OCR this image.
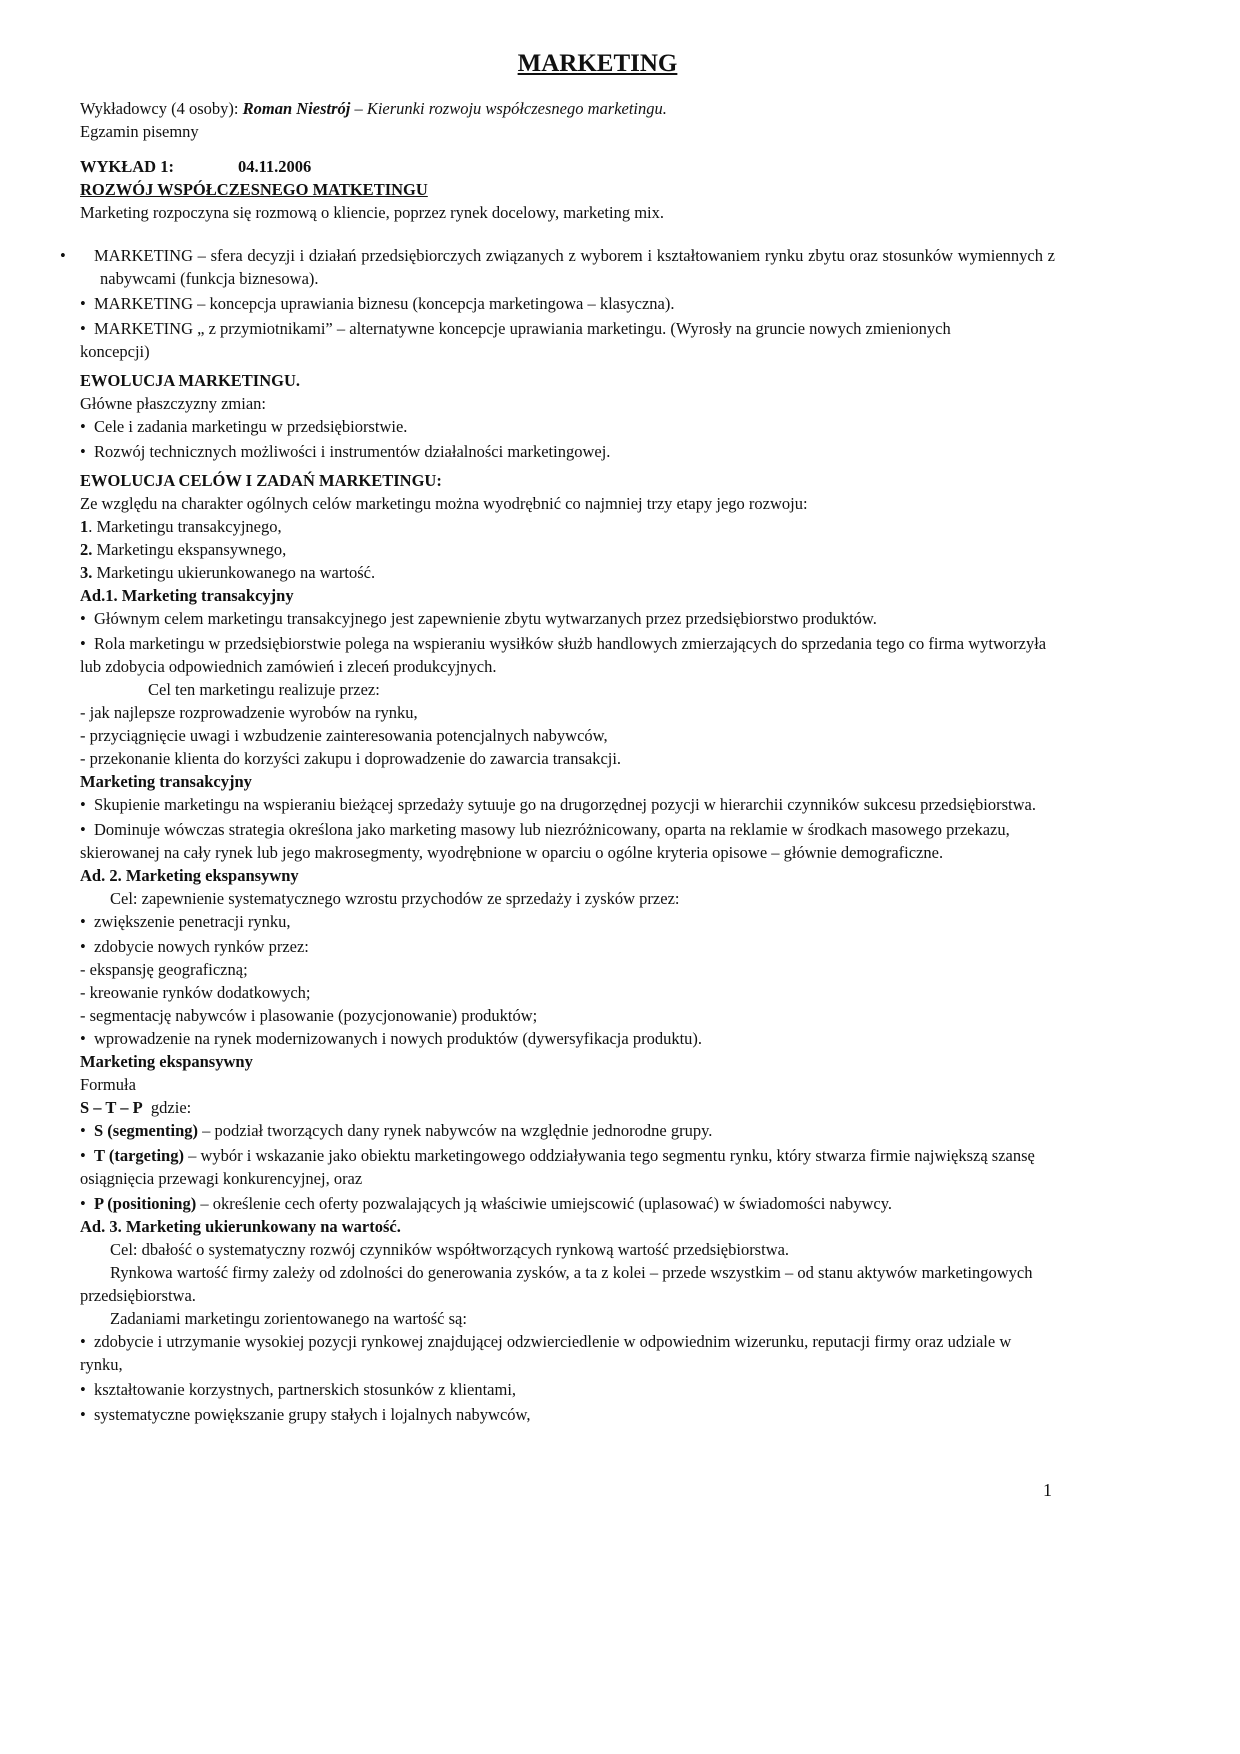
MARKETING

Wykładowcy (4 osoby): Roman Niestrój – Kierunki rozwoju współczesnego marketingu.

Egzamin pisemny

WYKŁAD 1:	04.11.2006

ROZWÓJ WSPÓŁCZESNEGO MATKETINGU

Marketing rozpoczyna się rozmową o kliencie, poprzez rynek docelowy, marketing mix.

• MARKETING – sfera decyzji i działań przedsiębiorczych związanych z wyborem i kształtowaniem rynku zbytu oraz stosunków wymiennych z nabywcami (funkcja biznesowa).

• MARKETING – koncepcja uprawiania biznesu (koncepcja marketingowa – klasyczna).

• MARKETING „ z przymiotnikami” – alternatywne koncepcje uprawiania marketingu. (Wyrosły na gruncie nowych zmienionych koncepcji)

EWOLUCJA MARKETINGU.

Główne płaszczyzny zmian:

• Cele i zadania marketingu w przedsiębiorstwie.

• Rozwój technicznych możliwości i instrumentów działalności marketingowej.

EWOLUCJA CELÓW I ZADAŃ MARKETINGU:

Ze względu na charakter ogólnych celów marketingu można wyodrębnić co najmniej trzy etapy jego rozwoju:

1. Marketingu transakcyjnego,

2. Marketingu ekspansywnego,

3. Marketingu ukierunkowanego na wartość.

Ad.1. Marketing transakcyjny

• Głównym celem marketingu transakcyjnego jest zapewnienie zbytu wytwarzanych przez przedsiębiorstwo produktów.

• Rola marketingu w przedsiębiorstwie polega na wspieraniu wysiłków służb handlowych zmierzających do sprzedania tego co firma wytworzyła lub zdobycia odpowiednich zamówień i zleceń produkcyjnych.

Cel ten marketingu realizuje przez:

- jak najlepsze rozprowadzenie wyrobów na rynku,

- przyciągnięcie uwagi i wzbudzenie zainteresowania potencjalnych nabywców,

- przekonanie klienta do korzyści zakupu i doprowadzenie do zawarcia transakcji.

Marketing transakcyjny

• Skupienie marketingu na wspieraniu bieżącej sprzedaży sytuuje go na drugorzędnej pozycji w hierarchii czynników sukcesu przedsiębiorstwa.

• Dominuje wówczas strategia określona jako marketing masowy lub niezróżnicowany, oparta na reklamie w środkach masowego przekazu, skierowanej na cały rynek lub jego makrosegmenty, wyodrębnione w oparciu o ogólne kryteria opisowe – głównie demograficzne.

Ad. 2. Marketing ekspansywny

Cel: zapewnienie systematycznego wzrostu przychodów ze sprzedaży i zysków przez:

• zwiększenie penetracji rynku,

• zdobycie nowych rynków przez:

- ekspansję geograficzną;

- kreowanie rynków dodatkowych;

- segmentację nabywców i plasowanie (pozycjonowanie) produktów;

• wprowadzenie na rynek modernizowanych i nowych produktów (dywersyfikacja produktu).

Marketing ekspansywny

Formuła

S – T – P  gdzie:

• S (segmenting) – podział tworzących dany rynek nabywców na względnie jednorodne grupy.

• T (targeting) – wybór i wskazanie jako obiektu marketingowego oddziaływania tego segmentu rynku, który stwarza firmie największą szansę osiągnięcia przewagi konkurencyjnej, oraz

• P (positioning) – określenie cech oferty pozwalających ją właściwie umiejscowić (uplasować) w świadomości nabywcy.

Ad. 3. Marketing ukierunkowany na wartość.

Cel: dbałość o systematyczny rozwój czynników współtworzących rynkową wartość przedsiębiorstwa.

Rynkowa wartość firmy zależy od zdolności do generowania zysków, a ta z kolei – przede wszystkim – od stanu aktywów marketingowych przedsiębiorstwa.

Zadaniami marketingu zorientowanego na wartość są:

• zdobycie i utrzymanie wysokiej pozycji rynkowej znajdującej odzwierciedlenie w odpowiednim wizerunku, reputacji firmy oraz udziale w rynku,

• kształtowanie korzystnych, partnerskich stosunków z klientami,

• systematyczne powiększanie grupy stałych i lojalnych nabywców,

1
